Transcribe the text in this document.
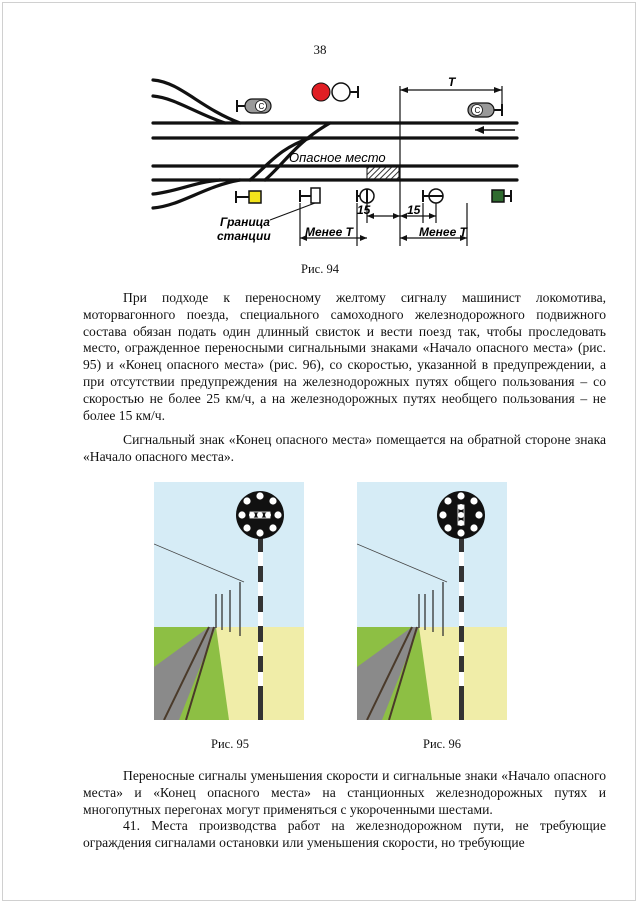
38
С	С
Т
Опасное место
Граница
станции
15	15
Менее Т	Менее Т
Рис. 94

При подходе к переносному желтому сигналу машинист локомотива, моторвагонного поезда, специального самоходного железнодорожного подвижного состава обязан подать один длинный свисток и вести поезд так, чтобы проследовать место, огражденное переносными сигнальными знаками «Начало опасного места» (рис. 95) и «Конец опасного места» (рис. 96), со скоростью, указанной в предупреждении, а при отсутствии предупреждения на железнодорожных путях общего пользования – со скоростью не более 25 км/ч, а на железнодорожных путях необщего пользования – не более 15 км/ч.

Сигнальный знак «Конец опасного места» помещается на обратной стороне знака «Начало опасного места».

Рис. 95	Рис. 96

Переносные сигналы уменьшения скорости и сигнальные знаки «Начало опасного места» и «Конец опасного места» на станционных железнодорожных путях и многопутных перегонах могут применяться с укороченными шестами.

41. Места производства работ на железнодорожном пути, не требующие ограждения сигналами остановки или уменьшения скорости, но требующие
